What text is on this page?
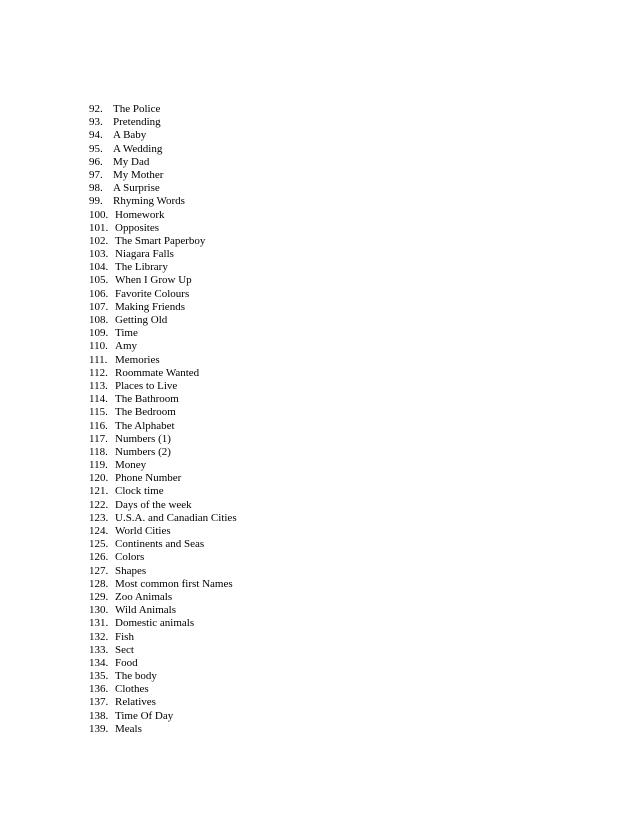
92. The Police
93. Pretending
94. A Baby
95. A Wedding
96. My Dad
97. My Mother
98. A Surprise
99. Rhyming Words
100. Homework
101. Opposites
102. The Smart Paperboy
103. Niagara Falls
104. The Library
105. When I Grow Up
106. Favorite Colours
107. Making Friends
108. Getting Old
109. Time
110. Amy
111. Memories
112. Roommate Wanted
113. Places to Live
114. The Bathroom
115. The Bedroom
116. The Alphabet
117. Numbers (1)
118. Numbers (2)
119. Money
120. Phone Number
121. Clock time
122. Days of the week
123. U.S.A. and Canadian Cities
124. World Cities
125. Continents and Seas
126. Colors
127. Shapes
128. Most common first Names
129. Zoo Animals
130. Wild Animals
131. Domestic animals
132. Fish
133. Sect
134. Food
135. The body
136. Clothes
137. Relatives
138. Time Of Day
139. Meals
